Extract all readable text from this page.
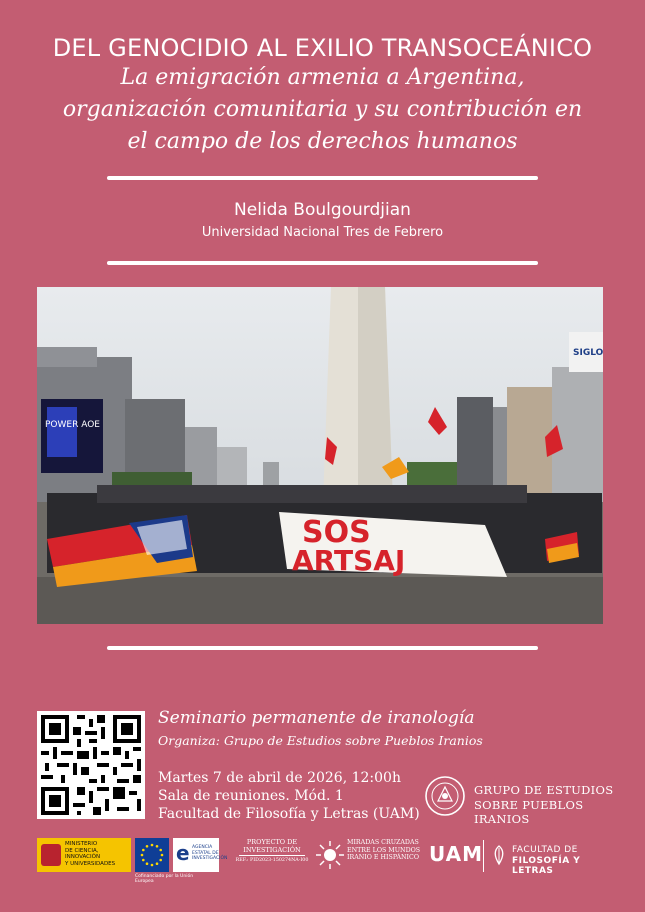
DEL GENOCIDIO AL EXILIO TRANSOCEÁNICO
La emigración armenia a Argentina,
organización comunitaria y su contribución en
el campo de los derechos humanos
Nelida Boulgourdjian
Universidad Nacional Tres de Febrero
POWER AOE
SIGLO
SOS
ARTSAJ
Seminario permanente de iranología
Organiza: Grupo de Estudios sobre Pueblos Iranios
Martes 7 de abril de 2026, 12:00h
Sala de reuniones. Mód. 1
Facultad de Filosofía y Letras (UAM)
GRUPO DE ESTUDIOS
SOBRE PUEBLOS IRANIOS
MINISTERIO
DE CIENCIA, INNOVACIÓN
Y UNIVERSIDADES
Cofinanciado por la Unión Europea
e AGENCIA
ESTATAL DE
INVESTIGACIÓN
PROYECTO DE
INVESTIGACIÓN
REF.: PID2023-150274NA-I00
MIRADAS CRUZADAS
ENTRE LOS MUNDOS
IRANIO E HISPÁNICO UAM	FACULTAD DE
FILOSOFÍA Y LETRAS
